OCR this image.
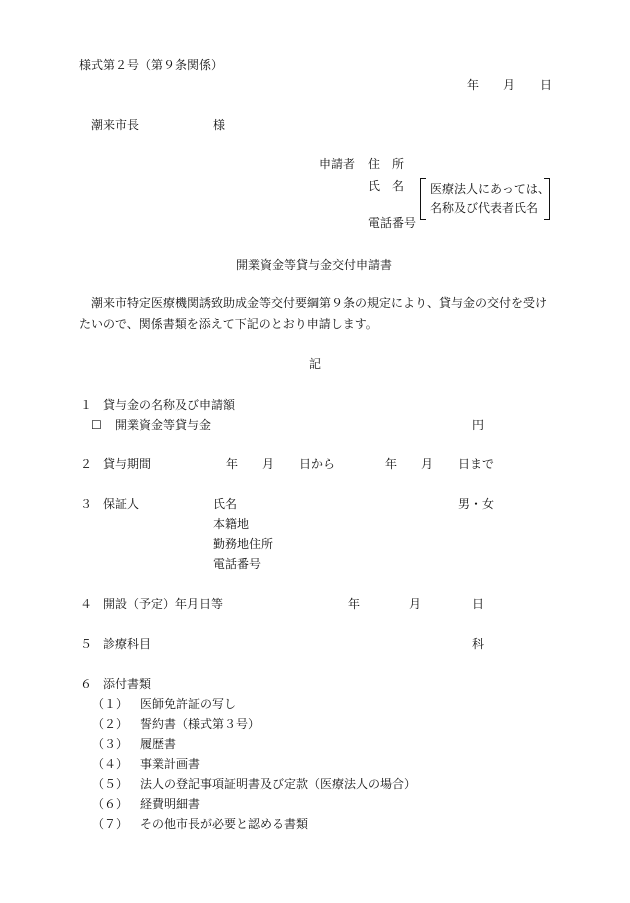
様式第２号（第９条関係）
年 月 日
潮来市長	様
申請者 住　所
氏　名 医療法人にあっては、
名称及び代表者氏名
電話番号
開業資金等貸与金交付申請書
潮来市特定医療機関誘致助成金等交付要綱第９条の規定により、貸与金の交付を受け
たいので、関係書類を添えて下記のとおり申請します。
記
１ 貸与金の名称及び申請額
☐ 開業資金等貸与金	円
２ 貸与期間	年 月 日から	年 月 日まで
３ 保証人	氏名	男・女
本籍地
勤務地住所
電話番号
４ 開設（予定）年月日等	年	月	日
５ 診療科目	科
６ 添付書類
（１） 医師免許証の写し
（２） 誓約書（様式第３号）
（３） 履歴書
（４） 事業計画書
（５） 法人の登記事項証明書及び定款（医療法人の場合）
（６） 経費明細書
（７） その他市長が必要と認める書類
